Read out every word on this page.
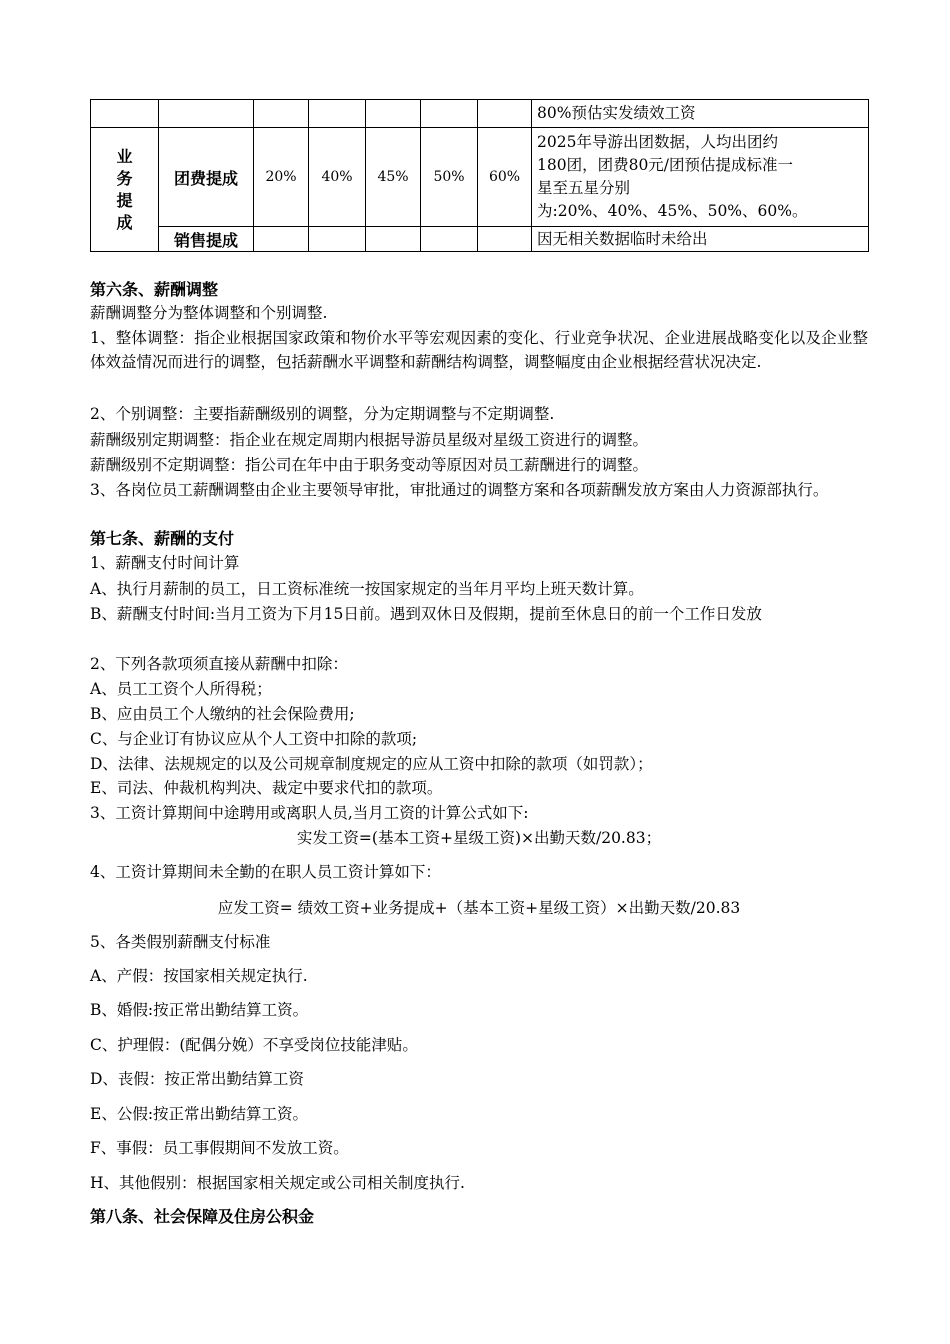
							80%预估实发绩效工资
业务提成	团费提成	20%	40%	45%	50%	60%	2025年导游出团数据，人均出团约
180团，团费80元/团预估提成标准一
星至五星分别
为:20%、40%、45%、50%、60%。

	销售提成						因无相关数据临时未给出
第六条、薪酬调整
薪酬调整分为整体调整和个别调整.
1、整体调整：指企业根据国家政策和物价水平等宏观因素的变化、行业竞争状况、企业进展战略变化以及企业整体效益情况而进行的调整，包括薪酬水平调整和薪酬结构调整，调整幅度由企业根据经营状况决定.
2、个别调整：主要指薪酬级别的调整，分为定期调整与不定期调整.
薪酬级别定期调整：指企业在规定周期内根据导游员星级对星级工资进行的调整。
薪酬级别不定期调整：指公司在年中由于职务变动等原因对员工薪酬进行的调整。
3、各岗位员工薪酬调整由企业主要领导审批，审批通过的调整方案和各项薪酬发放方案由人力资源部执行。
第七条、薪酬的支付
1、薪酬支付时间计算
A、执行月薪制的员工，日工资标准统一按国家规定的当年月平均上班天数计算。
B、薪酬支付时间:当月工资为下月15日前。遇到双休日及假期，提前至休息日的前一个工作日发放
2、下列各款项须直接从薪酬中扣除：
A、员工工资个人所得税；
B、应由员工个人缴纳的社会保险费用;
C、与企业订有协议应从个人工资中扣除的款项;
D、法律、法规规定的以及公司规章制度规定的应从工资中扣除的款项（如罚款）；
E、司法、仲裁机构判决、裁定中要求代扣的款项。
3、工资计算期间中途聘用或离职人员,当月工资的计算公式如下:
实发工资=(基本工资+星级工资)×出勤天数/20.83；
4、工资计算期间未全勤的在职人员工资计算如下：
应发工资= 绩效工资+业务提成+（基本工资+星级工资）×出勤天数/20.83
5、各类假别薪酬支付标准
A、产假：按国家相关规定执行.
B、婚假:按正常出勤结算工资。
C、护理假：(配偶分娩）不享受岗位技能津贴。
D、丧假：按正常出勤结算工资
E、公假:按正常出勤结算工资。
F、事假：员工事假期间不发放工资。
H、其他假别：根据国家相关规定或公司相关制度执行.
第八条、社会保障及住房公积金
